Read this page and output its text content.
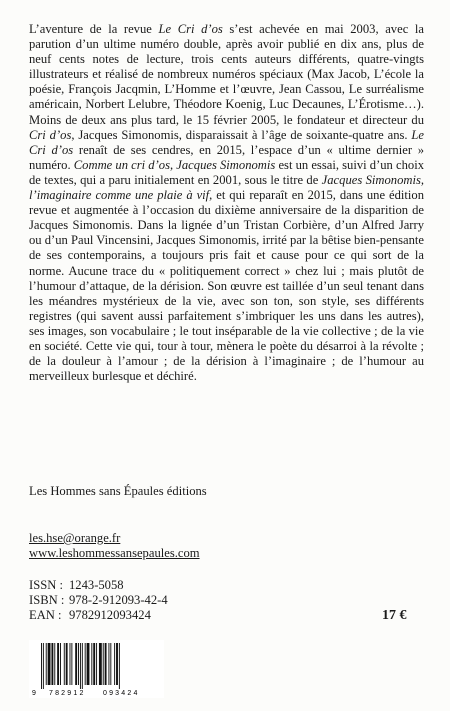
L’aventure de la revue Le Cri d’os s’est achevée en mai 2003, avec la parution d’un ultime numéro double, après avoir publié en dix ans, plus de neuf cents notes de lecture, trois cents auteurs différents, quatre-vingts illustrateurs et réalisé de nombreux numéros spéciaux (Max Jacob, L’école la poésie, François Jacqmin, L’Homme et l’œuvre, Jean Cassou, Le surréalisme américain, Norbert Lelubre, Théodore Koenig, Luc Decaunes, L’Érotisme…). Moins de deux ans plus tard, le 15 février 2005, le fondateur et directeur du Cri d’os, Jacques Simonomis, disparaissait à l’âge de soixante-quatre ans. Le Cri d’os renaît de ses cendres, en 2015, l’espace d’un « ultime dernier » numéro. Comme un cri d’os, Jacques Simonomis est un essai, suivi d’un choix de textes, qui a paru initialement en 2001, sous le titre de Jacques Simonomis, l’imaginaire comme une plaie à vif, et qui reparaît en 2015, dans une édition revue et augmentée à l’occasion du dixième anniversaire de la disparition de Jacques Simonomis. Dans la lignée d’un Tristan Corbière, d’un Alfred Jarry ou d’un Paul Vincensini, Jacques Simonomis, irrité par la bêtise bien-pensante de ses contemporains, a toujours pris fait et cause pour ce qui sort de la norme. Aucune trace du « politiquement correct » chez lui ; mais plutôt de l’humour d’attaque, de la dérision. Son œuvre est taillée d’un seul tenant dans les méandres mystérieux de la vie, avec son ton, son style, ses différents registres (qui savent aussi parfaitement s’imbriquer les uns dans les autres), ses images, son vocabulaire ; le tout inséparable de la vie collective ; de la vie en société. Cette vie qui, tour à tour, mènera le poète du désarroi à la révolte ; de la douleur à l’amour ; de la dérision à l’imaginaire ; de l’humour au merveilleux burlesque et déchiré.

Les Hommes sans Épaules éditions
les.hse@orange.fr
www.leshommessansepaules.com
ISSN : 1243-5058
ISBN : 978-2-912093-42-4
EAN : 9782912093424	17 €
9 782912 093424
